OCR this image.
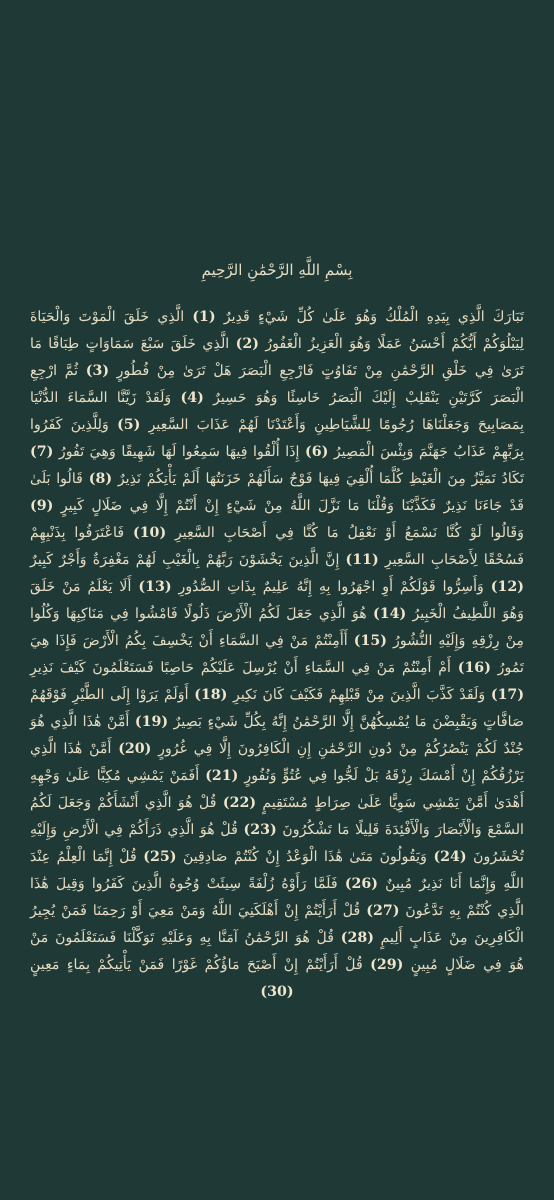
بِسْمِ اللَّهِ الرَّحْمَٰنِ الرَّحِيمِ
تَبَارَكَ الَّذِي بِيَدِهِ الْمُلْكُ وَهُوَ عَلَىٰ كُلِّ شَيْءٍ قَدِيرٌ (1) الَّذِي خَلَقَ الْمَوْتَ وَالْحَيَاةَ لِيَبْلُوَكُمْ أَيُّكُمْ أَحْسَنُ عَمَلًا وَهُوَ الْعَزِيزُ الْغَفُورُ (2) الَّذِي خَلَقَ سَبْعَ سَمَاوَاتٍ طِبَاقًا مَا تَرَىٰ فِي خَلْقِ الرَّحْمَٰنِ مِنْ تَفَاوُتٍ فَارْجِعِ الْبَصَرَ هَلْ تَرَىٰ مِنْ فُطُورٍ (3) ثُمَّ ارْجِعِ الْبَصَرَ كَرَّتَيْنِ يَنْقَلِبْ إِلَيْكَ الْبَصَرُ خَاسِئًا وَهُوَ حَسِيرٌ (4) وَلَقَدْ زَيَّنَّا السَّمَاءَ الدُّنْيَا بِمَصَابِيحَ وَجَعَلْنَاهَا رُجُومًا لِلشَّيَاطِينِ وَأَعْتَدْنَا لَهُمْ عَذَابَ السَّعِيرِ (5) وَلِلَّذِينَ كَفَرُوا بِرَبِّهِمْ عَذَابُ جَهَنَّمَ وَبِئْسَ الْمَصِيرُ (6) إِذَا أُلْقُوا فِيهَا سَمِعُوا لَهَا شَهِيقًا وَهِيَ تَفُورُ (7) تَكَادُ تَمَيَّزُ مِنَ الْغَيْظِ كُلَّمَا أُلْقِيَ فِيهَا فَوْجٌ سَأَلَهُمْ خَزَنَتُهَا أَلَمْ يَأْتِكُمْ نَذِيرٌ (8) قَالُوا بَلَىٰ قَدْ جَاءَنَا نَذِيرٌ فَكَذَّبْنَا وَقُلْنَا مَا نَزَّلَ اللَّهُ مِنْ شَيْءٍ إِنْ أَنْتُمْ إِلَّا فِي ضَلَالٍ كَبِيرٍ (9) وَقَالُوا لَوْ كُنَّا نَسْمَعُ أَوْ نَعْقِلُ مَا كُنَّا فِي أَصْحَابِ السَّعِيرِ (10) فَاعْتَرَفُوا بِذَنْبِهِمْ فَسُحْقًا لِأَصْحَابِ السَّعِيرِ (11) إِنَّ الَّذِينَ يَخْشَوْنَ رَبَّهُمْ بِالْغَيْبِ لَهُمْ مَغْفِرَةٌ وَأَجْرٌ كَبِيرٌ (12) وَأَسِرُّوا قَوْلَكُمْ أَوِ اجْهَرُوا بِهِ إِنَّهُ عَلِيمٌ بِذَاتِ الصُّدُورِ (13) أَلَا يَعْلَمُ مَنْ خَلَقَ وَهُوَ اللَّطِيفُ الْخَبِيرُ (14) هُوَ الَّذِي جَعَلَ لَكُمُ الْأَرْضَ ذَلُولًا فَامْشُوا فِي مَنَاكِبِهَا وَكُلُوا مِنْ رِزْقِهِ وَإِلَيْهِ النُّشُورُ (15) أَأَمِنْتُمْ مَنْ فِي السَّمَاءِ أَنْ يَخْسِفَ بِكُمُ الْأَرْضَ فَإِذَا هِيَ تَمُورُ (16) أَمْ أَمِنْتُمْ مَنْ فِي السَّمَاءِ أَنْ يُرْسِلَ عَلَيْكُمْ حَاصِبًا فَسَتَعْلَمُونَ كَيْفَ نَذِيرِ (17) وَلَقَدْ كَذَّبَ الَّذِينَ مِنْ قَبْلِهِمْ فَكَيْفَ كَانَ نَكِيرِ (18) أَوَلَمْ يَرَوْا إِلَى الطَّيْرِ فَوْقَهُمْ صَافَّاتٍ وَيَقْبِضْنَ مَا يُمْسِكُهُنَّ إِلَّا الرَّحْمَٰنُ إِنَّهُ بِكُلِّ شَيْءٍ بَصِيرٌ (19) أَمَّنْ هَٰذَا الَّذِي هُوَ جُنْدٌ لَكُمْ يَنْصُرُكُمْ مِنْ دُونِ الرَّحْمَٰنِ إِنِ الْكَافِرُونَ إِلَّا فِي غُرُورٍ (20) أَمَّنْ هَٰذَا الَّذِي يَرْزُقُكُمْ إِنْ أَمْسَكَ رِزْقَهُ بَلْ لَجُّوا فِي عُتُوٍّ وَنُفُورٍ (21) أَفَمَنْ يَمْشِي مُكِبًّا عَلَىٰ وَجْهِهِ أَهْدَىٰ أَمَّنْ يَمْشِي سَوِيًّا عَلَىٰ صِرَاطٍ مُسْتَقِيمٍ (22) قُلْ هُوَ الَّذِي أَنْشَأَكُمْ وَجَعَلَ لَكُمُ السَّمْعَ وَالْأَبْصَارَ وَالْأَفْئِدَةَ قَلِيلًا مَا تَشْكُرُونَ (23) قُلْ هُوَ الَّذِي ذَرَأَكُمْ فِي الْأَرْضِ وَإِلَيْهِ تُحْشَرُونَ (24) وَيَقُولُونَ مَتَىٰ هَٰذَا الْوَعْدُ إِنْ كُنْتُمْ صَادِقِينَ (25) قُلْ إِنَّمَا الْعِلْمُ عِنْدَ اللَّهِ وَإِنَّمَا أَنَا نَذِيرٌ مُبِينٌ (26) فَلَمَّا رَأَوْهُ زُلْفَةً سِيئَتْ وُجُوهُ الَّذِينَ كَفَرُوا وَقِيلَ هَٰذَا الَّذِي كُنْتُمْ بِهِ تَدَّعُونَ (27) قُلْ أَرَأَيْتُمْ إِنْ أَهْلَكَنِيَ اللَّهُ وَمَنْ مَعِيَ أَوْ رَحِمَنَا فَمَنْ يُجِيرُ الْكَافِرِينَ مِنْ عَذَابٍ أَلِيمٍ (28) قُلْ هُوَ الرَّحْمَٰنُ آمَنَّا بِهِ وَعَلَيْهِ تَوَكَّلْنَا فَسَتَعْلَمُونَ مَنْ هُوَ فِي ضَلَالٍ مُبِينٍ (29) قُلْ أَرَأَيْتُمْ إِنْ أَصْبَحَ مَاؤُكُمْ غَوْرًا فَمَنْ يَأْتِيكُمْ بِمَاءٍ مَعِينٍ (30)
